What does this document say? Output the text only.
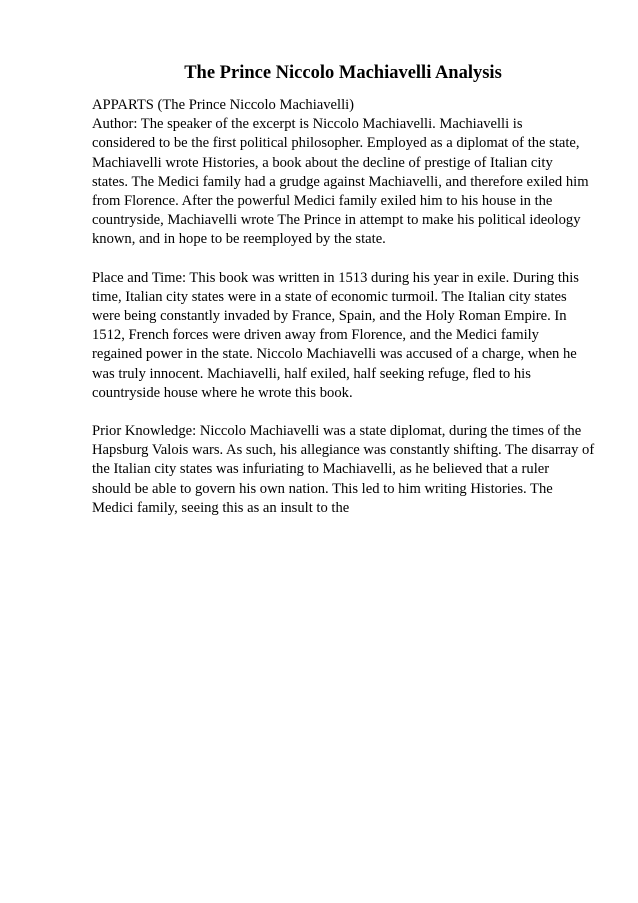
The Prince Niccolo Machiavelli Analysis
APPARTS (The Prince Niccolo Machiavelli)
Author: The speaker of the excerpt is Niccolo Machiavelli. Machiavelli is
considered to be the first political philosopher. Employed as a diplomat of the state,
Machiavelli wrote Histories, a book about the decline of prestige of Italian city
states. The Medici family had a grudge against Machiavelli, and therefore exiled him
from Florence. After the powerful Medici family exiled him to his house in the
countryside, Machiavelli wrote The Prince in attempt to make his political ideology
known, and in hope to be reemployed by the state.
Place and Time: This book was written in 1513 during his year in exile. During this
time, Italian city states were in a state of economic turmoil. The Italian city states
were being constantly invaded by France, Spain, and the Holy Roman Empire. In
1512, French forces were driven away from Florence, and the Medici family
regained power in the state. Niccolo Machiavelli was accused of a charge, when he
was truly innocent. Machiavelli, half exiled, half seeking refuge, fled to his
countryside house where he wrote this book.
Prior Knowledge: Niccolo Machiavelli was a state diplomat, during the times of the
Hapsburg Valois wars. As such, his allegiance was constantly shifting. The disarray of
the Italian city states was infuriating to Machiavelli, as he believed that a ruler
should be able to govern his own nation. This led to him writing Histories. The
Medici family, seeing this as an insult to the
